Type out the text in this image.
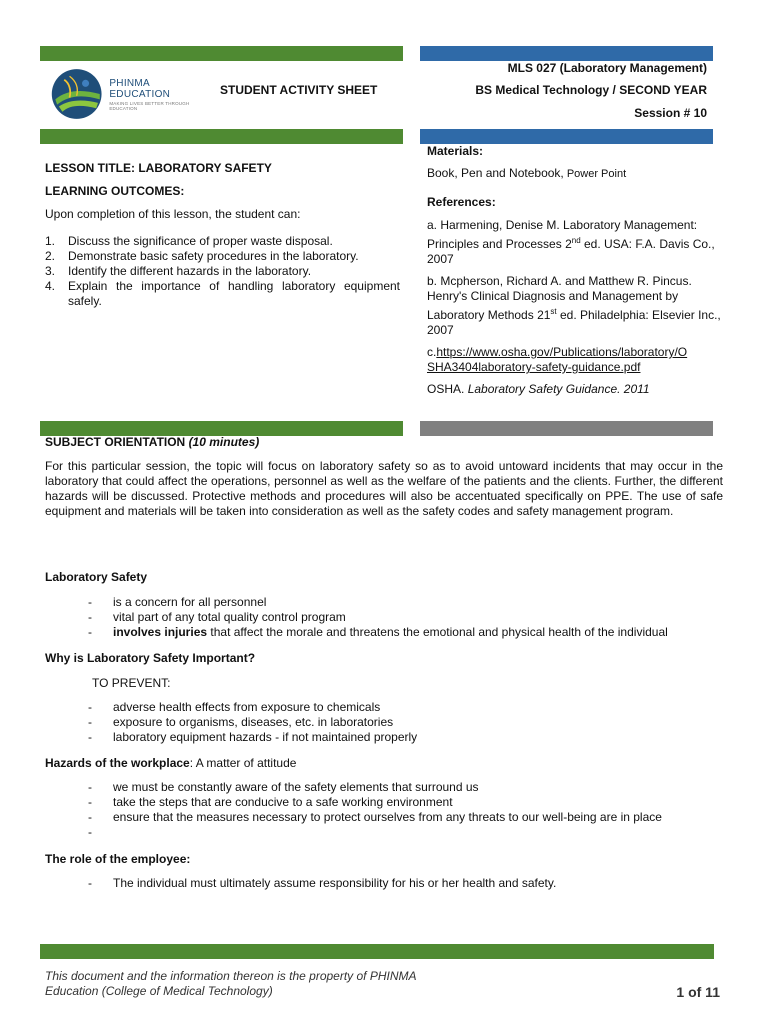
PHINMA EDUCATION
MAKING LIVES BETTER THROUGH EDUCATION
STUDENT ACTIVITY SHEET
MLS 027 (Laboratory Management)
BS Medical Technology / SECOND YEAR
Session # 10
LESSON TITLE: LABORATORY SAFETY
LEARNING OUTCOMES:
Upon completion of this lesson, the student can:
1.	Discuss the significance of proper waste disposal.
2.	Demonstrate basic safety procedures in the laboratory.
3.	Identify the different hazards in the laboratory.
4.	Explain the importance of handling laboratory equipment safely.
Materials:
Book, Pen and Notebook, Power Point
References:

a. Harmening, Denise M. Laboratory Management: Principles and Processes 2nd ed. USA: F.A. Davis Co., 2007

b. Mcpherson, Richard A. and Matthew R. Pincus. Henry's Clinical Diagnosis and Management by Laboratory Methods 21st ed. Philadelphia: Elsevier Inc., 2007

c.https://www.osha.gov/Publications/laboratory/O
SHA3404laboratory-safety-guidance.pdf

OSHA. Laboratory Safety Guidance. 2011

SUBJECT ORIENTATION (10 minutes)
For this particular session, the topic will focus on laboratory safety so as to avoid untoward incidents that may occur in the laboratory that could affect the operations, personnel as well as the welfare of the patients and the clients. Further, the different hazards will be discussed. Protective methods and procedures will also be accentuated specifically on PPE. The use of safe equipment and materials will be taken into consideration as well as the safety codes and safety management program.
Laboratory Safety
-	is a concern for all personnel
-	vital part of any total quality control program
-	involves injuries that affect the morale and threatens the emotional and physical health of the individual
Why is Laboratory Safety Important?
TO PREVENT:
-	adverse health effects from exposure to chemicals
-	exposure to organisms, diseases, etc. in laboratories
-	laboratory equipment hazards - if not maintained properly
Hazards of the workplace: A matter of attitude
-	we must be constantly aware of the safety elements that surround us
-	take the steps that are conducive to a safe working environment
-	ensure that the measures necessary to protect ourselves from any threats to our well-being are in place
-
The role of the employee:
-	The individual must ultimately assume responsibility for his or her health and safety.
This document and the information thereon is the property of PHINMA
Education (College of Medical Technology)	1 of 11
